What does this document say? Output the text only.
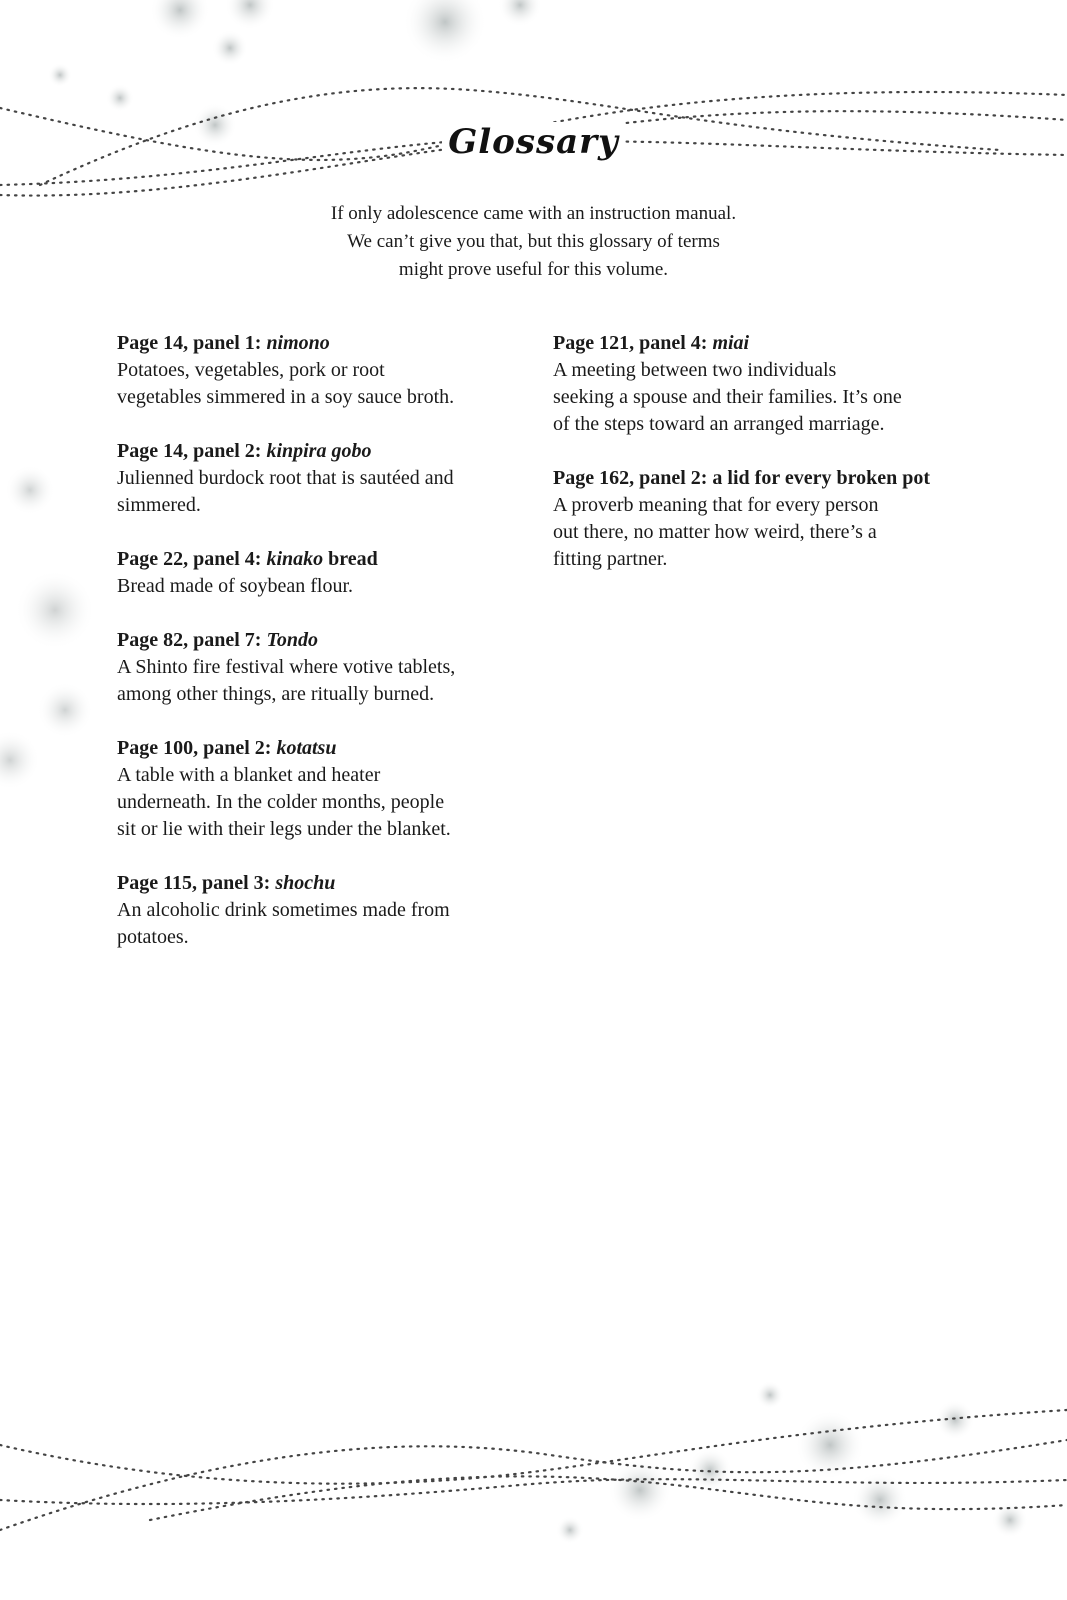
Glossary
If only adolescence came with an instruction manual.
We can’t give you that, but this glossary of terms
might prove useful for this volume.
Page 14, panel 1: nimono
Potatoes, vegetables, pork or root
vegetables simmered in a soy sauce broth.
Page 14, panel 2: kinpira gobo
Julienned burdock root that is sautéed and
simmered.
Page 22, panel 4: kinako bread
Bread made of soybean flour.
Page 82, panel 7: Tondo
A Shinto fire festival where votive tablets,
among other things, are ritually burned.
Page 100, panel 2: kotatsu
A table with a blanket and heater
underneath. In the colder months, people
sit or lie with their legs under the blanket.
Page 115, panel 3: shochu
An alcoholic drink sometimes made from
potatoes.
Page 121, panel 4: miai
A meeting between two individuals
seeking a spouse and their families. It’s one
of the steps toward an arranged marriage.
Page 162, panel 2: a lid for every broken pot
A proverb meaning that for every person
out there, no matter how weird, there’s a
fitting partner.
